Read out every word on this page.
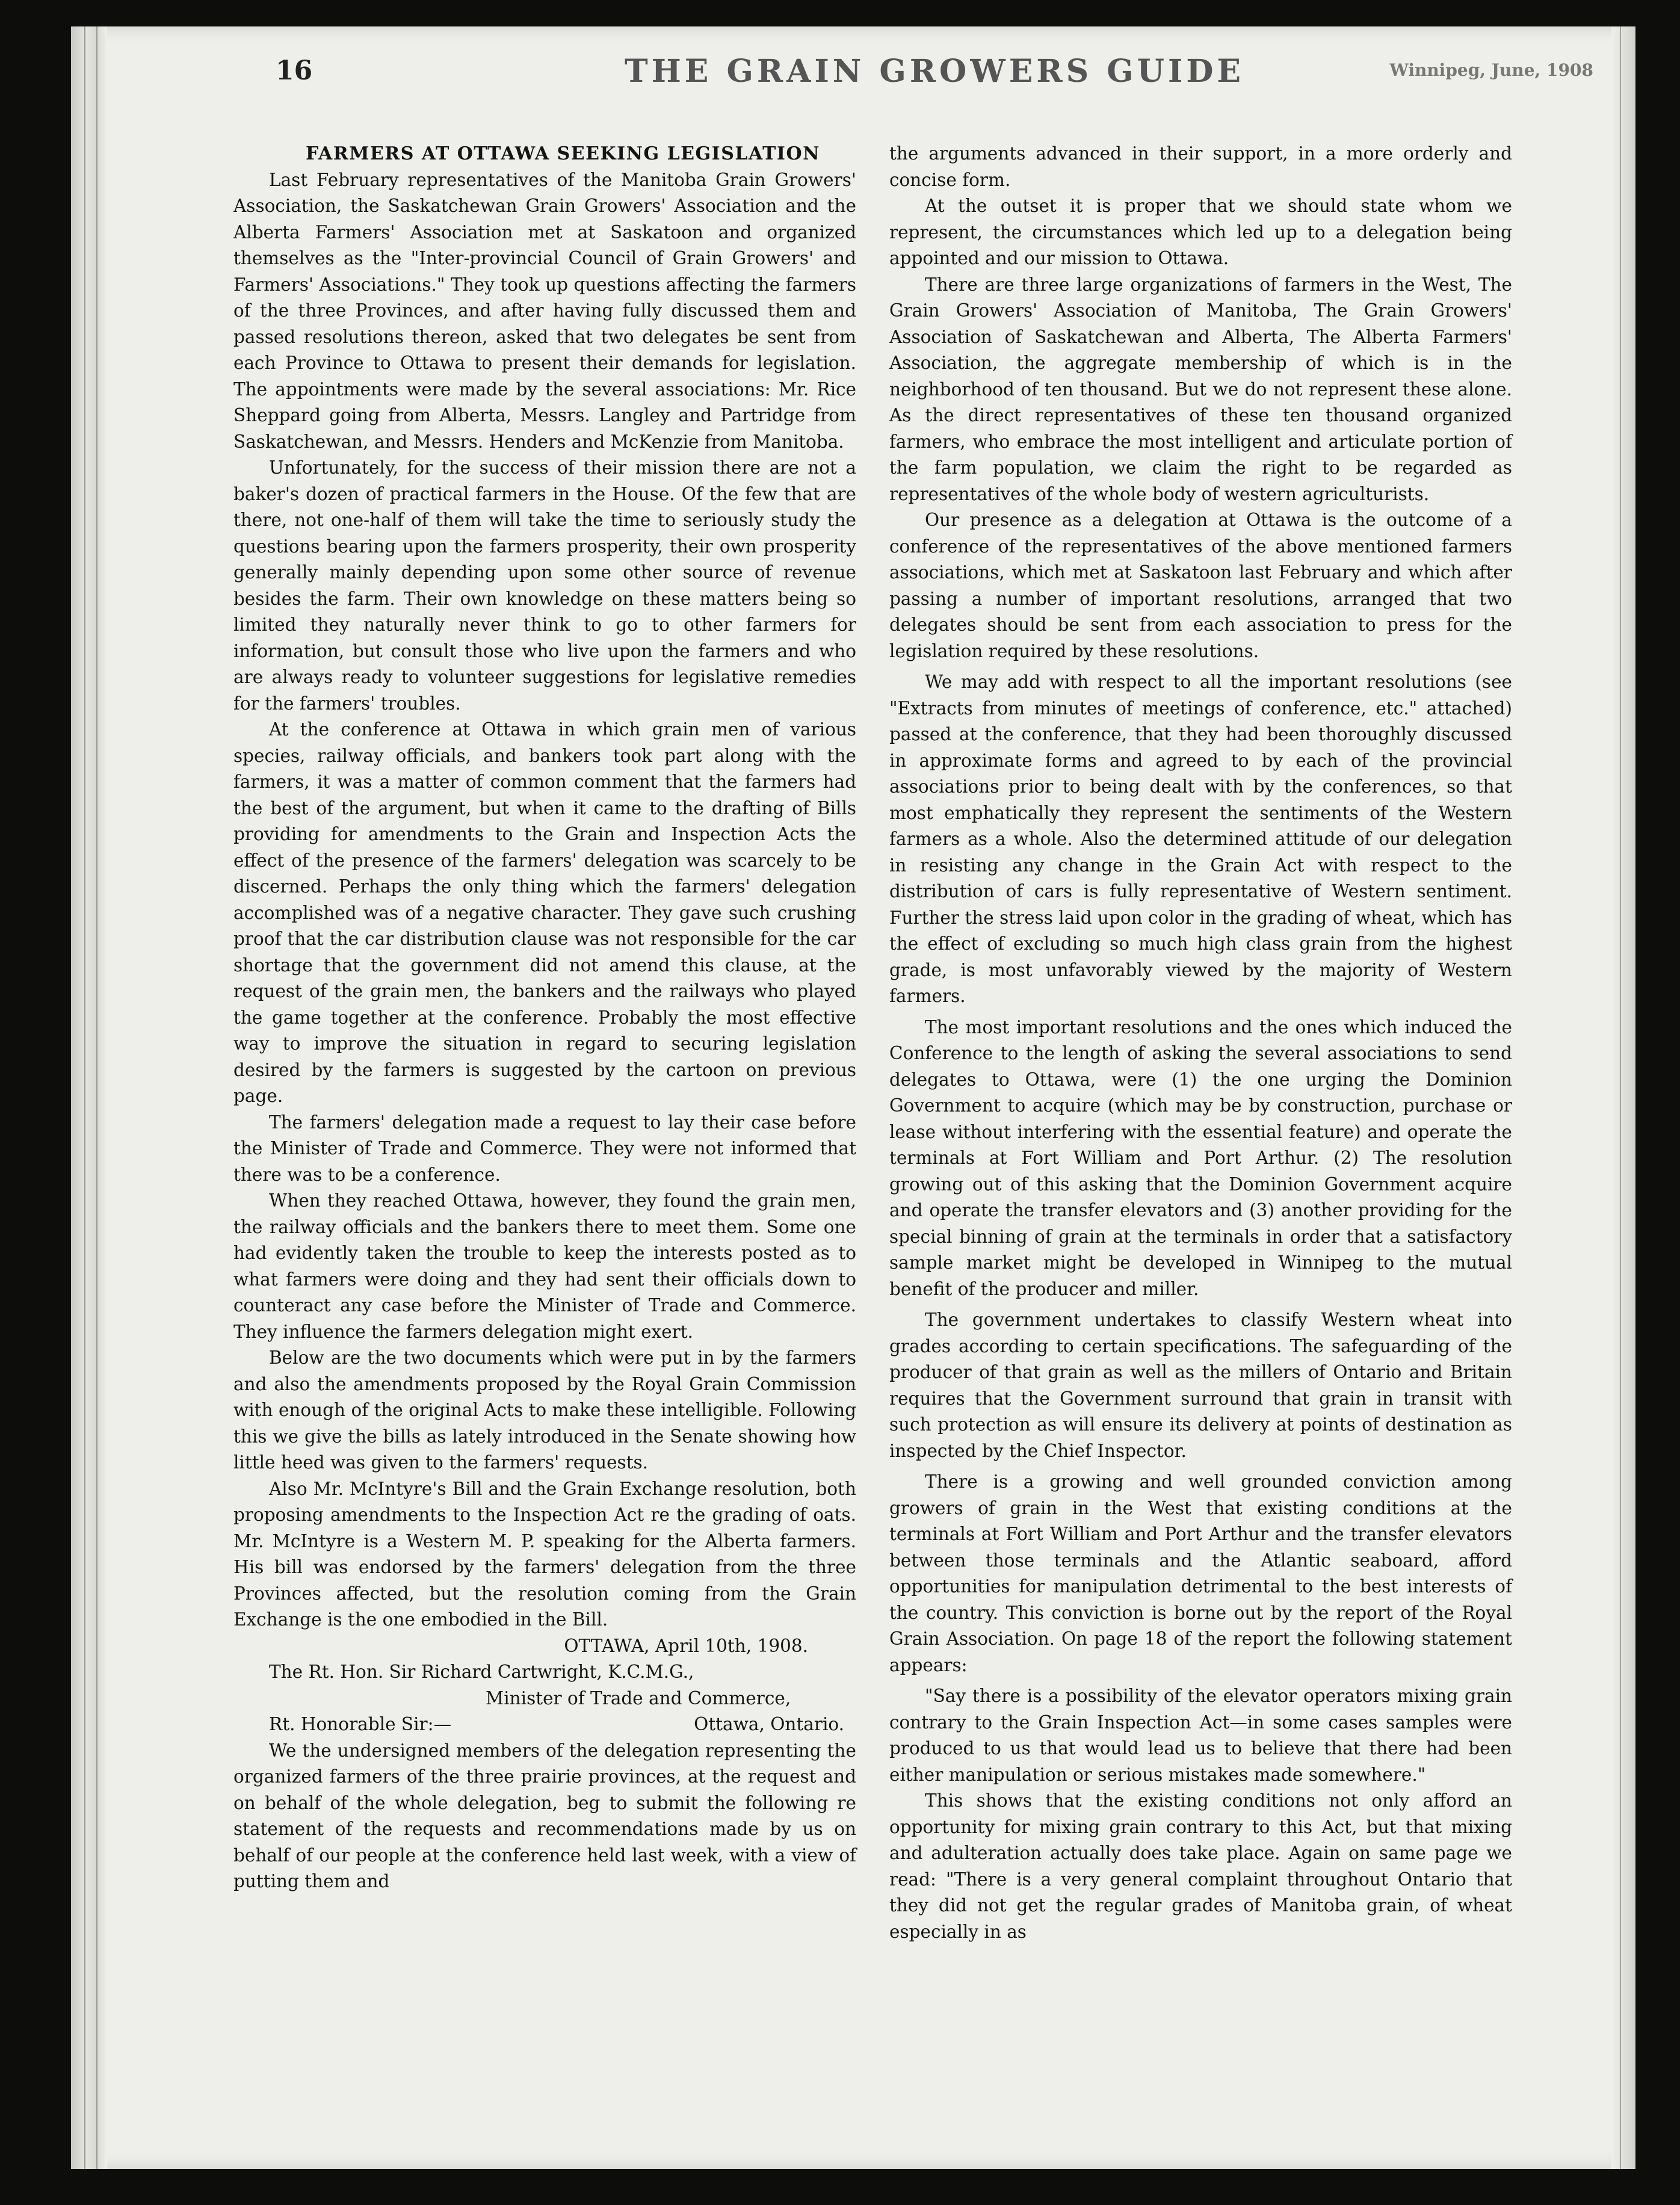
16	THE GRAIN GROWERS GUIDE	Winnipeg, June, 1908

FARMERS AT OTTAWA SEEKING LEGISLATION

Last February representatives of the Manitoba Grain Growers' Association, the Saskatchewan Grain Growers' Association and the Alberta Farmers' Association met at Saskatoon and organized themselves as the "Inter-provincial Council of Grain Growers' and Farmers' Associations." They took up questions affecting the farmers of the three Provinces, and after having fully discussed them and passed resolutions thereon, asked that two delegates be sent from each Province to Ottawa to present their demands for legislation. The appointments were made by the several associations: Mr. Rice Sheppard going from Alberta, Messrs. Langley and Partridge from Saskatchewan, and Messrs. Henders and McKenzie from Manitoba.

Unfortunately, for the success of their mission there are not a baker's dozen of practical farmers in the House. Of the few that are there, not one-half of them will take the time to seriously study the questions bearing upon the farmers prosperity, their own prosperity generally mainly depending upon some other source of revenue besides the farm. Their own knowledge on these matters being so limited they naturally never think to go to other farmers for information, but consult those who live upon the farmers and who are always ready to volunteer suggestions for legislative remedies for the farmers' troubles.

At the conference at Ottawa in which grain men of various species, railway officials, and bankers took part along with the farmers, it was a matter of common comment that the farmers had the best of the argument, but when it came to the drafting of Bills providing for amendments to the Grain and Inspection Acts the effect of the presence of the farmers' delegation was scarcely to be discerned. Perhaps the only thing which the farmers' delegation accomplished was of a negative character. They gave such crushing proof that the car distribution clause was not responsible for the car shortage that the government did not amend this clause, at the request of the grain men, the bankers and the railways who played the game together at the conference. Probably the most effective way to improve the situation in regard to securing legislation desired by the farmers is suggested by the cartoon on previous page.

The farmers' delegation made a request to lay their case before the Minister of Trade and Commerce. They were not informed that there was to be a conference.

When they reached Ottawa, however, they found the grain men, the railway officials and the bankers there to meet them. Some one had evidently taken the trouble to keep the interests posted as to what farmers were doing and they had sent their officials down to counteract any case before the Minister of Trade and Commerce. They influence the farmers delegation might exert.

Below are the two documents which were put in by the farmers and also the amendments proposed by the Royal Grain Commission with enough of the original Acts to make these intelligible. Following this we give the bills as lately introduced in the Senate showing how little heed was given to the farmers' requests.

Also Mr. McIntyre's Bill and the Grain Exchange resolution, both proposing amendments to the Inspection Act re the grading of oats. Mr. McIntyre is a Western M. P. speaking for the Alberta farmers. His bill was endorsed by the farmers' delegation from the three Provinces affected, but the resolution coming from the Grain Exchange is the one embodied in the Bill.

OTTAWA, April 10th, 1908.

The Rt. Hon. Sir Richard Cartwright, K.C.M.G.,
Minister of Trade and Commerce,

Rt. Honorable Sir:—	Ottawa, Ontario.

We the undersigned members of the delegation representing the organized farmers of the three prairie provinces, at the request and on behalf of the whole delegation, beg to submit the following re statement of the requests and recommendations made by us on behalf of our people at the conference held last week, with a view of putting them and

the arguments advanced in their support, in a more orderly and concise form.

At the outset it is proper that we should state whom we represent, the circumstances which led up to a delegation being appointed and our mission to Ottawa.

There are three large organizations of farmers in the West, The Grain Growers' Association of Manitoba, The Grain Growers' Association of Saskatchewan and Alberta, The Alberta Farmers' Association, the aggregate membership of which is in the neighborhood of ten thousand. But we do not represent these alone. As the direct representatives of these ten thousand organized farmers, who embrace the most intelligent and articulate portion of the farm population, we claim the right to be regarded as representatives of the whole body of western agriculturists.

Our presence as a delegation at Ottawa is the outcome of a conference of the representatives of the above mentioned farmers associations, which met at Saskatoon last February and which after passing a number of important resolutions, arranged that two delegates should be sent from each association to press for the legislation required by these resolutions.

We may add with respect to all the important resolutions (see "Extracts from minutes of meetings of conference, etc." attached) passed at the conference, that they had been thoroughly discussed in approximate forms and agreed to by each of the provincial associations prior to being dealt with by the conferences, so that most emphatically they represent the sentiments of the Western farmers as a whole. Also the determined attitude of our delegation in resisting any change in the Grain Act with respect to the distribution of cars is fully representative of Western sentiment. Further the stress laid upon color in the grading of wheat, which has the effect of excluding so much high class grain from the highest grade, is most unfavorably viewed by the majority of Western farmers.

The most important resolutions and the ones which induced the Conference to the length of asking the several associations to send delegates to Ottawa, were (1) the one urging the Dominion Government to acquire (which may be by construction, purchase or lease without interfering with the essential feature) and operate the terminals at Fort William and Port Arthur. (2) The resolution growing out of this asking that the Dominion Government acquire and operate the transfer elevators and (3) another providing for the special binning of grain at the terminals in order that a satisfactory sample market might be developed in Winnipeg to the mutual benefit of the producer and miller.

The government undertakes to classify Western wheat into grades according to certain specifications. The safeguarding of the producer of that grain as well as the millers of Ontario and Britain requires that the Government surround that grain in transit with such protection as will ensure its delivery at points of destination as inspected by the Chief Inspector.

There is a growing and well grounded conviction among growers of grain in the West that existing conditions at the terminals at Fort William and Port Arthur and the transfer elevators between those terminals and the Atlantic seaboard, afford opportunities for manipulation detrimental to the best interests of the country. This conviction is borne out by the report of the Royal Grain Association. On page 18 of the report the following statement appears:

"Say there is a possibility of the elevator operators mixing grain contrary to the Grain Inspection Act—in some cases samples were produced to us that would lead us to believe that there had been either manipulation or serious mistakes made somewhere."

This shows that the existing conditions not only afford an opportunity for mixing grain contrary to this Act, but that mixing and adulteration actually does take place. Again on same page we read: "There is a very general complaint throughout Ontario that they did not get the regular grades of Manitoba grain, of wheat especially in as
